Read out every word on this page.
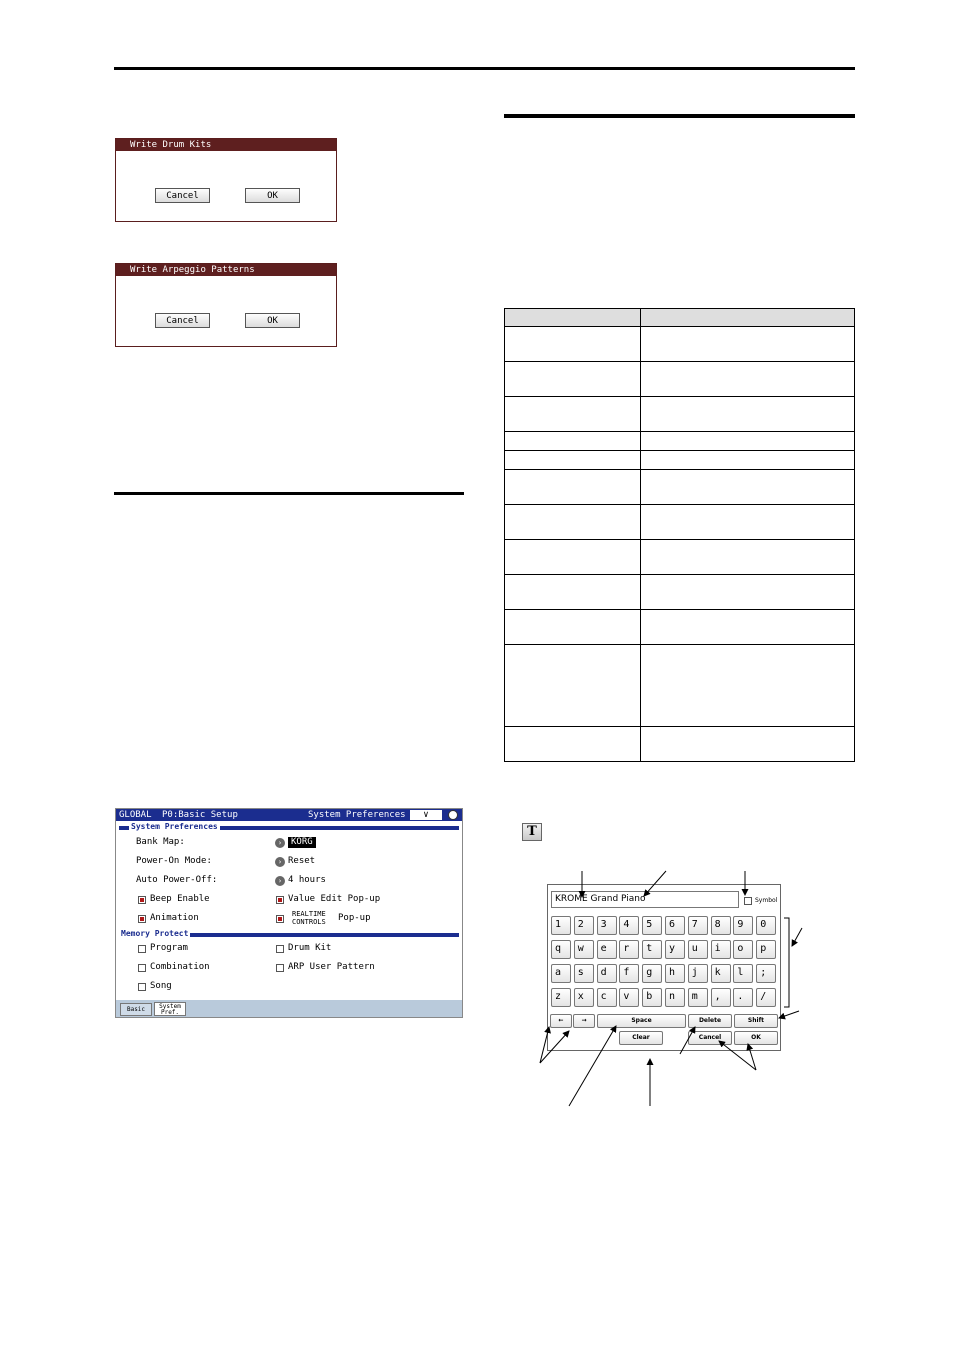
Write Drum Kits
Cancel	OK
Write Arpeggio Patterns
Cancel	OK

GLOBAL P0:Basic Setup	System Preferences	∨
System Preferences
Bank Map:	› KORG
Power-On Mode:	› Reset
Auto Power-Off:	› 4 hours
Beep Enable	Value Edit Pop-up
Animation	REALTIME
CONTROLS Pop-up
Memory Protect
Program	Drum Kit
Combination	ARP User Pattern
Song
Basic	System
Pref.
T
KROME Grand Piano	Symbol
1	2	3	4	5	6	7	8	9	0
q	w	e	r	t	y	u	i	o	p
a	s	d	f	g	h	j	k	l	;
z	x	c	v	b	n	m	,	.	/
←	→	Space	Delete	Shift
Clear	Cancel	OK
